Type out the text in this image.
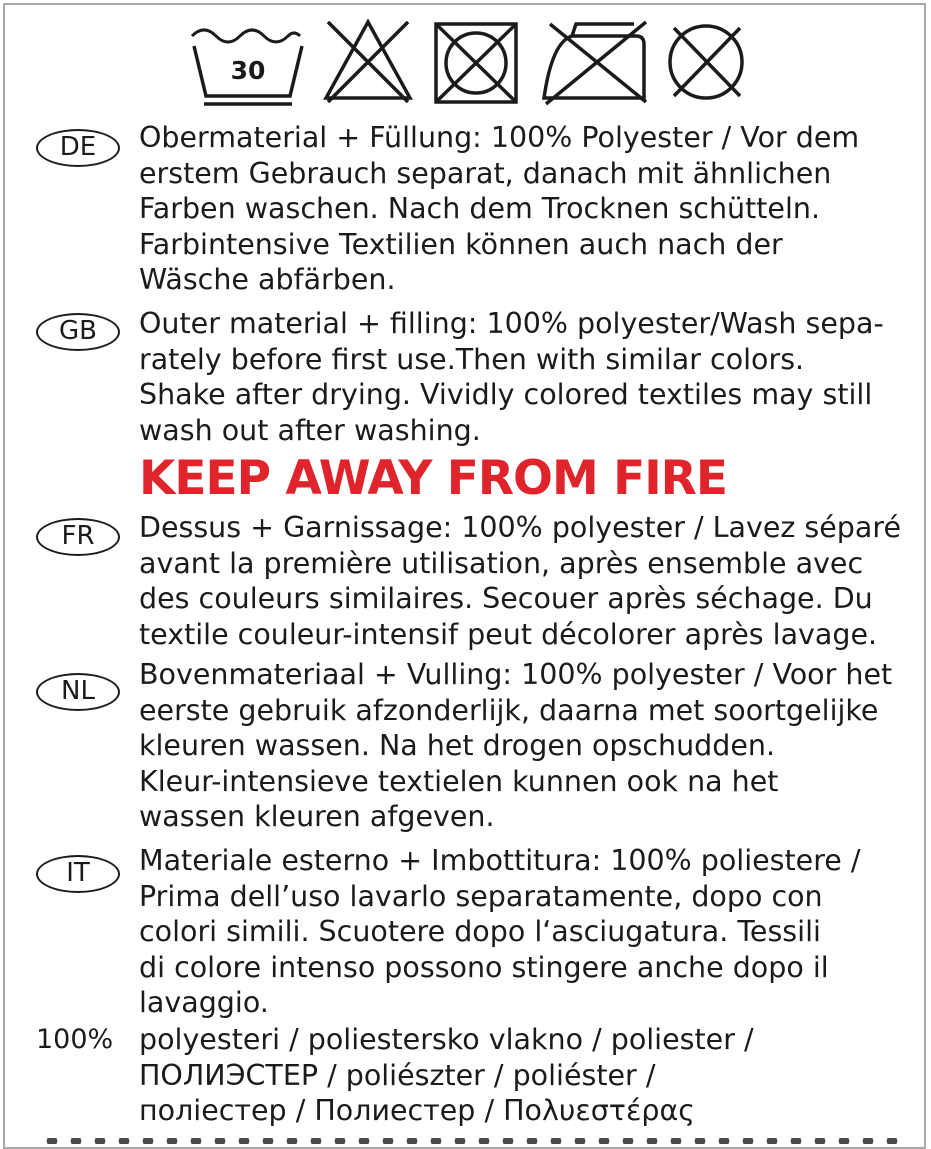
30
DE	Obermaterial + Füllung: 100% Polyester / Vor dem
erstem Gebrauch separat, danach mit ähnlichen
Farben waschen. Nach dem Trocknen schütteln.
Farbintensive Textilien können auch nach der
Wäsche abfärben.
GB	Outer material + filling: 100% polyester/Wash sepa-
rately before first use.Then with similar colors.
Shake after drying. Vividly colored textiles may still
wash out after washing.
KEEP AWAY FROM FIRE
FR	Dessus + Garnissage: 100% polyester / Lavez séparé
avant la première utilisation, après ensemble avec
des couleurs similaires. Secouer après séchage. Du
textile couleur-intensif peut décolorer après lavage.
NL	Bovenmateriaal + Vulling: 100% polyester / Voor het
eerste gebruik afzonderlijk, daarna met soortgelijke
kleuren wassen. Na het drogen opschudden.
Kleur-intensieve textielen kunnen ook na het
wassen kleuren afgeven.
IT	Materiale esterno + Imbottitura: 100% poliestere /
Prima dell’uso lavarlo separatamente, dopo con
colori simili. Scuotere dopo l‘asciugatura. Tessili
di colore intenso possono stingere anche dopo il
lavaggio.
100% polyesteri / poliestersko vlakno / poliester /
ПОЛИЭСТЕР / poliészter / poliéster /
поліестер / Полиестер / Πολυεστέρας
